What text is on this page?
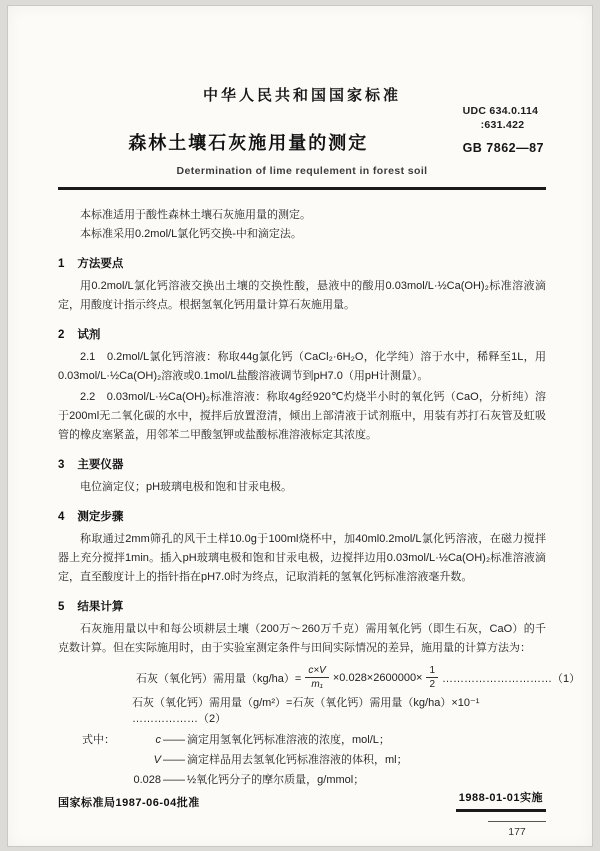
中华人民共和国国家标准
UDC 634.0.114
:631.422
GB 7862—87
森林土壤石灰施用量的测定
Determination of lime requlement in forest soil

本标准适用于酸性森林土壤石灰施用量的测定。

本标准采用0.2mol/L氯化钙交换-中和滴定法。

1 方法要点

用0.2mol/L氯化钙溶液交换出土壤的交换性酸，悬液中的酸用0.03mol/L·½Ca(OH)₂标准溶液滴定，用酸度计指示终点。根据氢氧化钙用量计算石灰施用量。

2 试剂

2.1　0.2mol/L氯化钙溶液：称取44g氯化钙（CaCl₂·6H₂O，化学纯）溶于水中，稀释至1L，用0.03mol/L·½Ca(OH)₂溶液或0.1mol/L盐酸溶液调节到pH7.0（用pH计测量）。

2.2　0.03mol/L·½Ca(OH)₂标准溶液：称取4g经920℃灼烧半小时的氧化钙（CaO，分析纯）溶于200ml无二氧化碳的水中，搅拌后放置澄清，倾出上部清液于试剂瓶中，用装有苏打石灰管及虹吸管的橡皮塞紧盖，用邻苯二甲酸氢钾或盐酸标准溶液标定其浓度。

3 主要仪器

电位滴定仪；pH玻璃电极和饱和甘汞电极。

4 测定步骤

称取通过2mm筛孔的风干土样10.0g于100ml烧杯中，加40ml0.2mol/L氯化钙溶液，在磁力搅拌器上充分搅拌1min。插入pH玻璃电极和饱和甘汞电极，边搅拌边用0.03mol/L·½Ca(OH)₂标准溶液滴定，直至酸度计上的指针指在pH7.0时为终点，记取消耗的氢氧化钙标准溶液毫升数。

5 结果计算

石灰施用量以中和每公顷耕层土壤（200万～260万千克）需用氧化钙（即生石灰，CaO）的千克数计算。但在实际施用时，由于实验室测定条件与田间实际情况的差异，施用量的计算方法为：

石灰（氧化钙）需用量$(kg/ha)= \frac{c\times V}{\text{m₁}} \times 0.028\times 2600000\times \frac{1}{2}$ …………………………（1）
石灰（氧化钙）需用量（g/m²）=石灰（氧化钙）需用量（kg/ha）×10⁻¹ ………………（2）
式中：	c —— 滴定用氢氧化钙标准溶液的浓度，mol/L；
V —— 滴定样品用去氢氧化钙标准溶液的体积，ml；
0.028 —— ½氧化钙分子的摩尔质量，g/mmol；
国家标准局1987-06-04批准	1988-01-01实施
177
